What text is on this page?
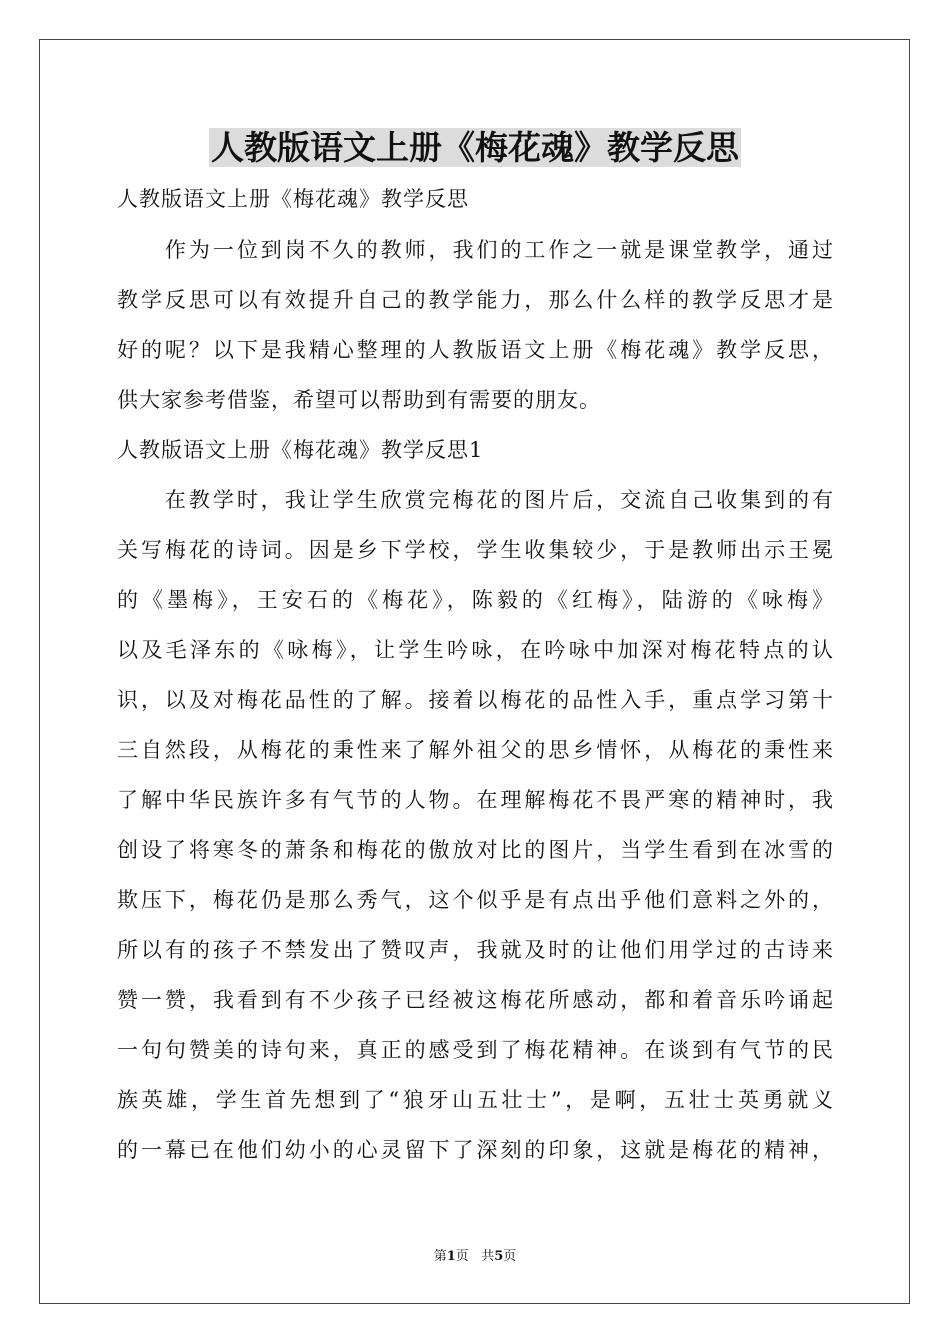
人教版语文上册《梅花魂》教学反思
人教版语文上册《梅花魂》教学反思
　　作为一位到岗不久的教师，我们的工作之一就是课堂教学，通过
教学反思可以有效提升自己的教学能力，那么什么样的教学反思才是
好的呢？以下是我精心整理的人教版语文上册《梅花魂》教学反思，
供大家参考借鉴，希望可以帮助到有需要的朋友。
人教版语文上册《梅花魂》教学反思1
　　在教学时，我让学生欣赏完梅花的图片后，交流自己收集到的有
关写梅花的诗词。因是乡下学校，学生收集较少，于是教师出示王冕
的《墨梅》，王安石的《梅花》，陈毅的《红梅》，陆游的《咏梅》
以及毛泽东的《咏梅》，让学生吟咏，在吟咏中加深对梅花特点的认
识，以及对梅花品性的了解。接着以梅花的品性入手，重点学习第十
三自然段，从梅花的秉性来了解外祖父的思乡情怀，从梅花的秉性来
了解中华民族许多有气节的人物。在理解梅花不畏严寒的精神时，我
创设了将寒冬的萧条和梅花的傲放对比的图片，当学生看到在冰雪的
欺压下，梅花仍是那么秀气，这个似乎是有点出乎他们意料之外的，
所以有的孩子不禁发出了赞叹声，我就及时的让他们用学过的古诗来
赞一赞，我看到有不少孩子已经被这梅花所感动，都和着音乐吟诵起
一句句赞美的诗句来，真正的感受到了梅花精神。在谈到有气节的民
族英雄，学生首先想到了“狼牙山五壮士”，是啊，五壮士英勇就义
的一幕已在他们幼小的心灵留下了深刻的印象，这就是梅花的精神，
第1页 共5页
